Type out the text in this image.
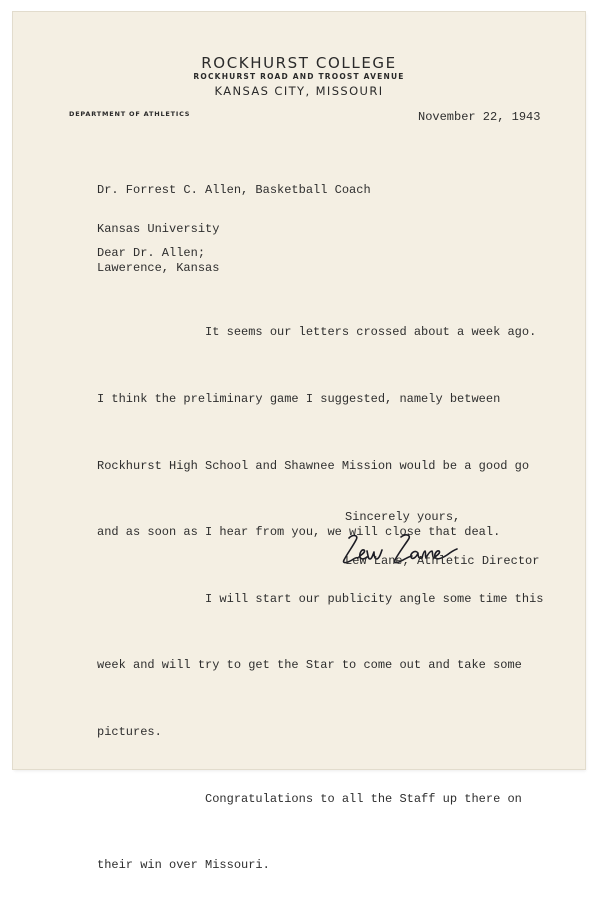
ROCKHURST COLLEGE
ROCKHURST ROAD AND TROOST AVENUE
KANSAS CITY, MISSOURI
DEPARTMENT OF ATHLETICS	November 22, 1943

Dr. Forrest C. Allen, Basketball Coach

Kansas University

Lawerence, Kansas

Dear Dr. Allen;

It seems our letters crossed about a week ago.

I think the preliminary game I suggested, namely between

Rockhurst High School and Shawnee Mission would be a good go

and as soon as I hear from you, we will close that deal.

I will start our publicity angle some time this

week and will try to get the Star to come out and take some

pictures.

Congratulations to all the Staff up there on

their win over Missouri.

Sincerely yours,
Lew Lane, Athletic Director
